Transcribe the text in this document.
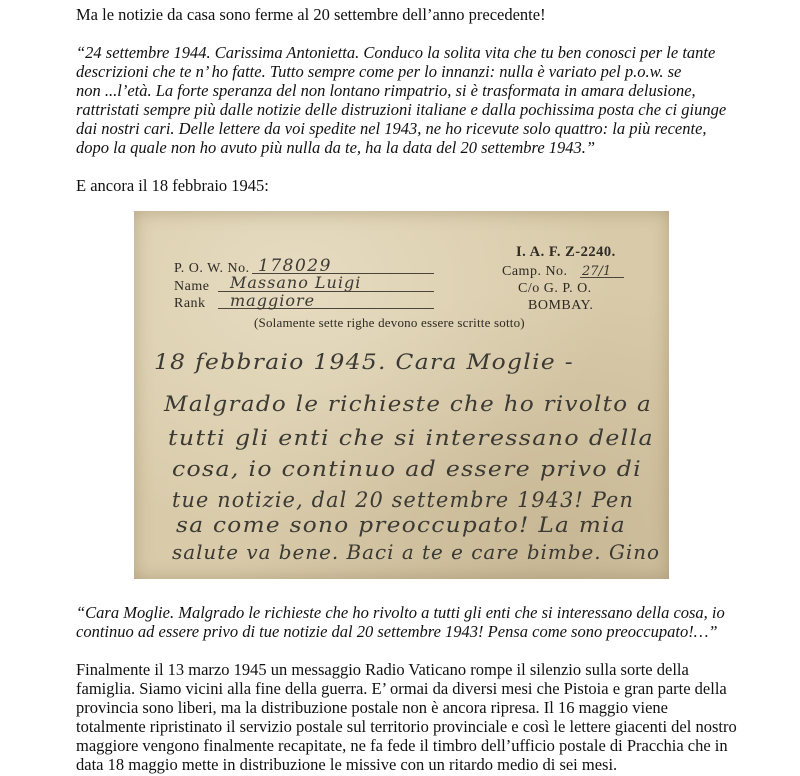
Ma le notizie da casa sono ferme al 20 settembre dell’anno precedente!

“24 settembre 1944. Carissima Antonietta. Conduco la solita vita che tu ben conosci per le tante

descrizioni che te n’ ho fatte. Tutto sempre come per lo innanzi: nulla è variato pel p.o.w. se

non ...l’età. La forte speranza del non lontano rimpatrio, si è trasformata in amara delusione,

rattristati sempre più dalle notizie delle distruzioni italiane e dalla pochissima posta che ci giunge

dai nostri cari. Delle lettere da voi spedite nel 1943, ne ho ricevute solo quattro: la più recente,

dopo la quale non ho avuto più nulla da te, ha la data del 20 settembre 1943.”

E ancora il 18 febbraio 1945:

P. O. W. No.
Name
Rank
I. A. F. Z-2240.
Camp. No.
C/o G. P. O.
BOMBAY.
(Solamente sette righe devono essere scritte sotto)
178029
Massano Luigi
maggiore
27/1
18 febbraio 1945. Cara Moglie -
Malgrado le richieste che ho rivolto a
tutti gli enti che si interessano della
cosa, io continuo ad essere privo di
tue notizie, dal 20 settembre 1943! Pen
sa come sono preoccupato! La mia
salute va bene. Baci a te e care bimbe. Gino

“Cara Moglie. Malgrado le richieste che ho rivolto a tutti gli enti che si interessano della cosa, io

continuo ad essere privo di tue notizie dal 20 settembre 1943! Pensa come sono preoccupato!…”

Finalmente il 13 marzo 1945 un messaggio Radio Vaticano rompe il silenzio sulla sorte della

famiglia. Siamo vicini alla fine della guerra. E’ ormai da diversi mesi che Pistoia e gran parte della

provincia sono liberi, ma la distribuzione postale non è ancora ripresa. Il 16 maggio viene

totalmente ripristinato il servizio postale sul territorio provinciale e così le lettere giacenti del nostro

maggiore vengono finalmente recapitate, ne fa fede il timbro dell’ufficio postale di Pracchia che in

data 18 maggio mette in distribuzione le missive con un ritardo medio di sei mesi.
